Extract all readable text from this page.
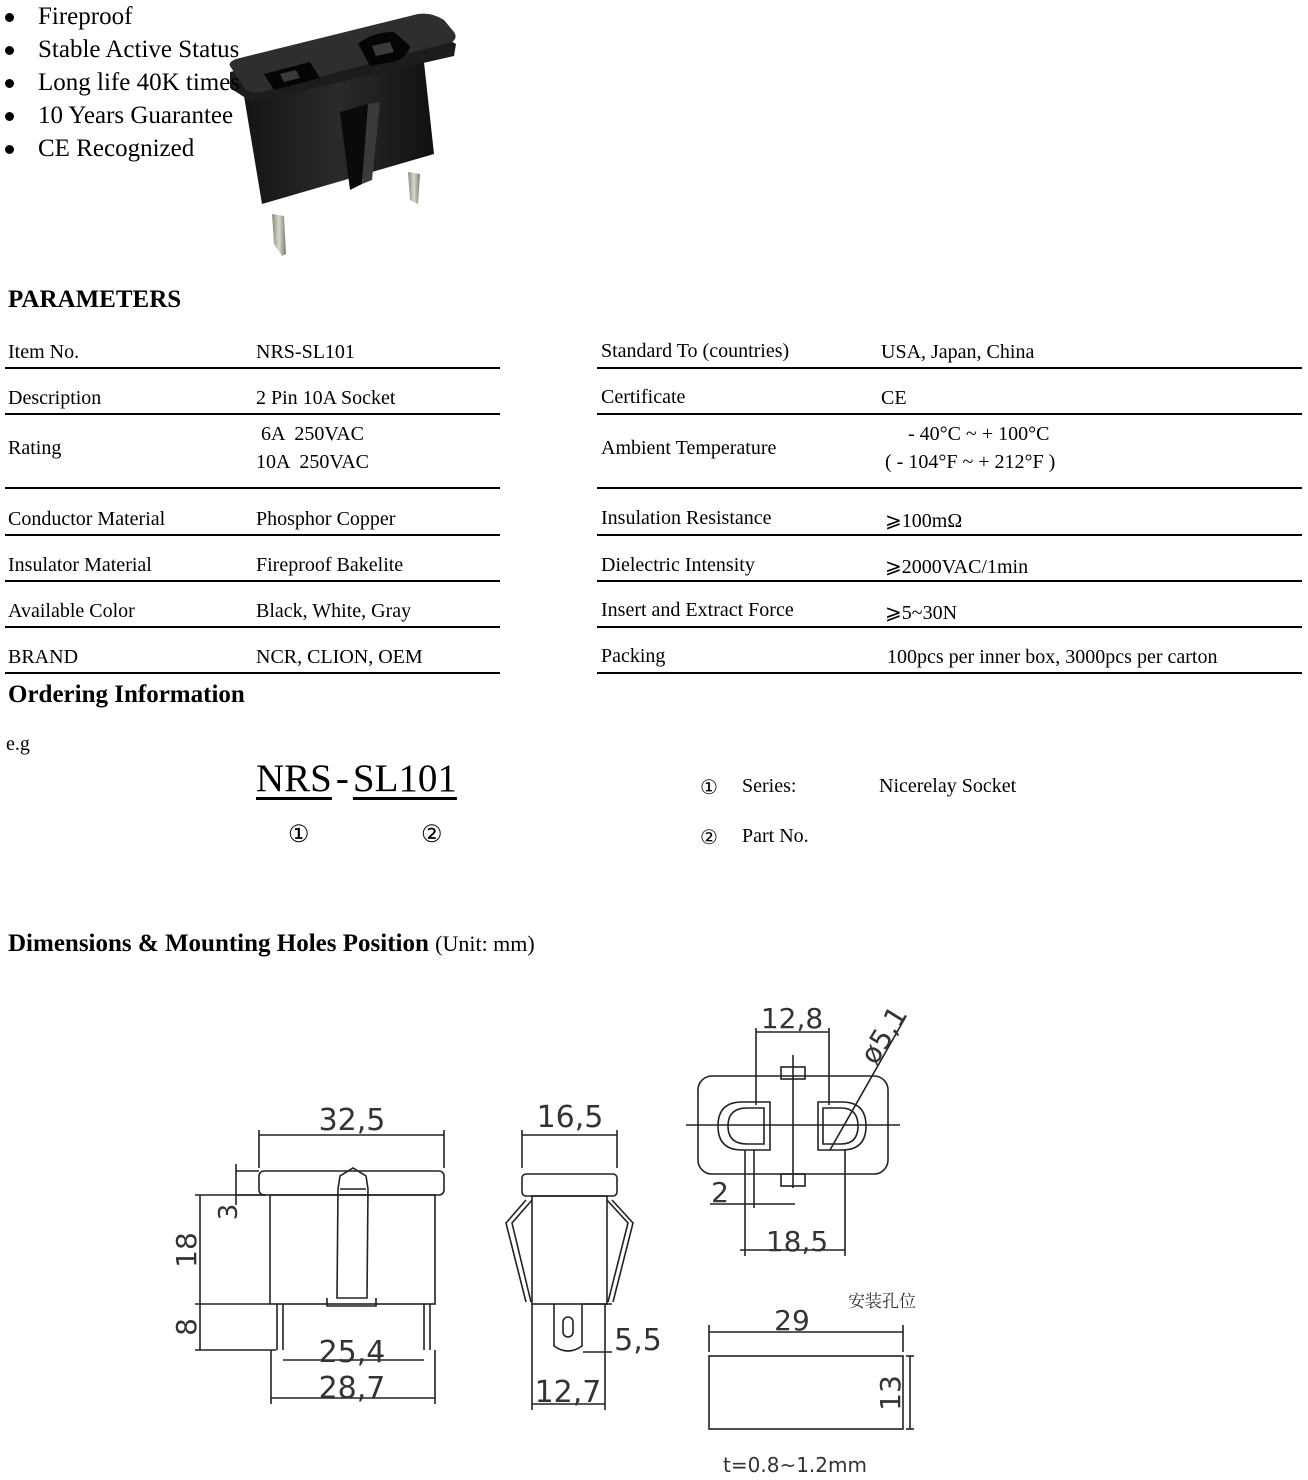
Fireproof
Stable Active Status
Long life 40K times
10 Years Guarantee
CE Recognized
PARAMETERS
Item No.	NRS-SL101
Description	2 Pin 10A Socket
Rating
6A  250VAC
10A  250VAC
Conductor Material	Phosphor Copper
Insulator Material	Fireproof Bakelite
Available Color	Black, White, Gray
BRAND	NCR, CLION, OEM
Standard To (countries)	USA, Japan, China
Certificate	CE
Ambient Temperature
- 40°C ~ + 100°C
( - 104°F ~ + 212°F )
Insulation Resistance	⩾100mΩ
Dielectric Intensity	⩾2000VAC/1min
Insert and Extract Force	⩾5~30N
Packing	100pcs per inner box, 3000pcs per carton
Ordering Information
e.g
NRS - SL101
①	②
① Series:	Nicerelay Socket
② Part No.
Dimensions & Mounting Holes Position (Unit: mm)
32,5
3
18
8
25,4
28,7
16,5
5,5
12,7
12,8 ø5,1
2
18,5
安装孔位
29
13
t=0.8~1.2mm
